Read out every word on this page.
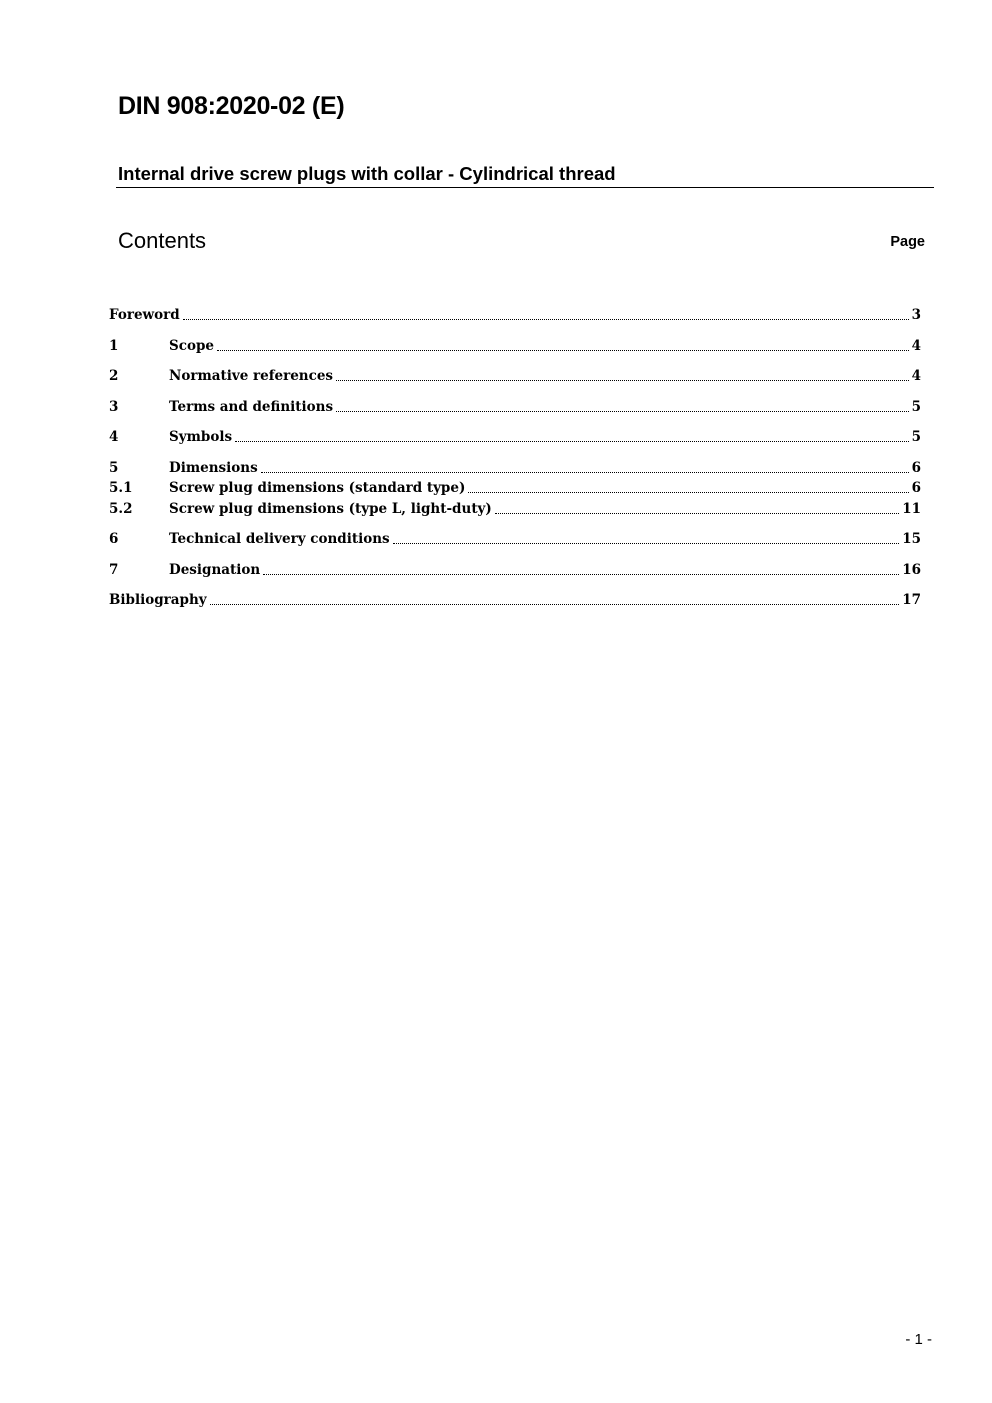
DIN 908:2020-02 (E)
Internal drive screw plugs with collar - Cylindrical thread
Contents	Page
Foreword	3
1	Scope	4
2	Normative references	4
3	Terms and definitions	5
4	Symbols	5
5	Dimensions	6
5.1	Screw plug dimensions (standard type)	6
5.2	Screw plug dimensions (type L, light-duty)	11
6	Technical delivery conditions	15
7	Designation	16
Bibliography	17
- 1 -
